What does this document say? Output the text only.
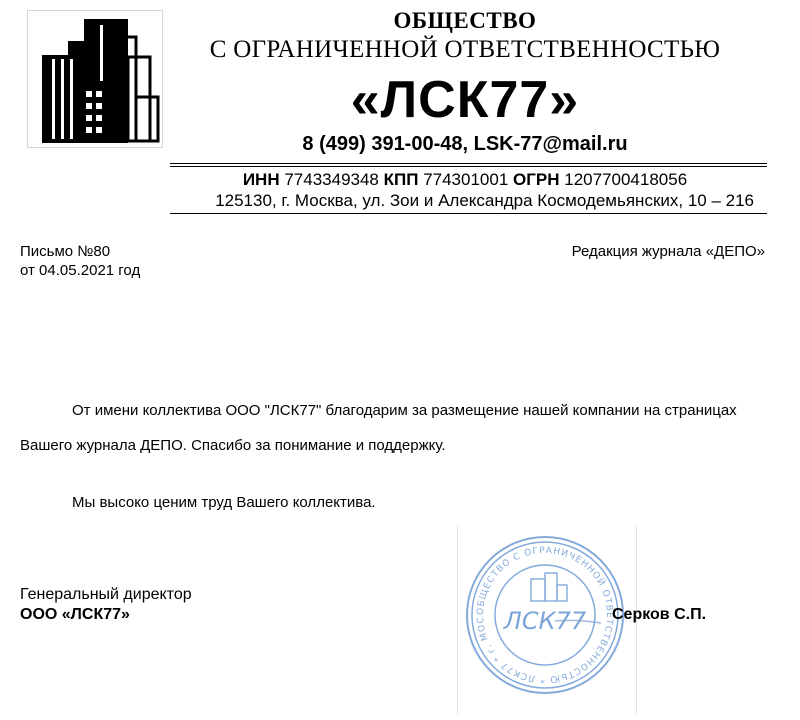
ОБЩЕСТВО
С ОГРАНИЧЕННОЙ ОТВЕТСТВЕННОСТЬЮ
«ЛСК77»
8 (499) 391-00-48, LSK-77@mail.ru
ИНН 7743349348 КПП 774301001 ОГРН 1207700418056
125130, г. Москва, ул. Зои и Александра Космодемьянских, 10 – 216
Письмо №80
от 04.05.2021 год
Редакция журнала «ДЕПО»

От имени коллектива ООО "ЛСК77" благодарим за размещение нашей компании на страницах Вашего журнала ДЕПО. Спасибо за понимание и поддержку.

Мы высоко ценим труд Вашего коллектива.

ОБЩЕСТВО С ОГРАНИЧЕННОЙ ОТВЕТСТВЕННОСТЬЮ * ЛСК77 * г. МОС ЛСК77
Генеральный директор
ООО «ЛСК77»	Серков С.П.
